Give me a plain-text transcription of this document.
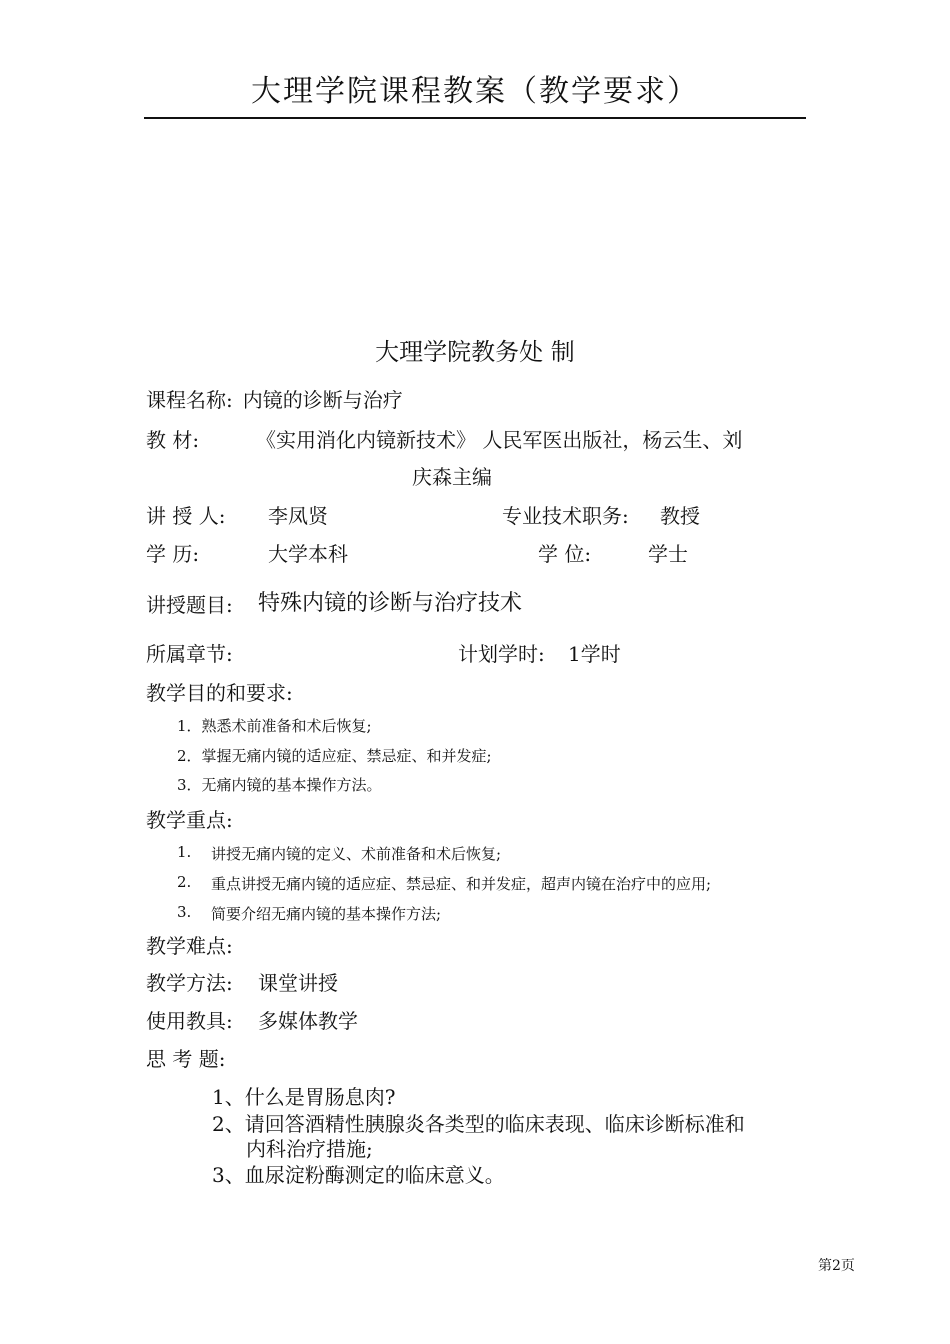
大理学院课程教案（教学要求）
大理学院教务处 制
课程名称: 内镜的诊断与治疗
教 材:	《实用消化内镜新技术》 人民军医出版社，杨云生、刘
庆森主编
讲 授 人: 李凤贤	专业技术职务: 教授
学 历:	大学本科	学 位:	学士
讲授题目: 特殊内镜的诊断与治疗技术
所属章节:	计划学时: 1学时
教学目的和要求:
1．熟悉术前准备和术后恢复;
2．掌握无痛内镜的适应症、禁忌症、和并发症;
3．无痛内镜的基本操作方法。
教学重点:
1. 讲授无痛内镜的定义、术前准备和术后恢复;
2. 重点讲授无痛内镜的适应症、禁忌症、和并发症，超声内镜在治疗中的应用;
3. 简要介绍无痛内镜的基本操作方法;
教学难点:
教学方法: 课堂讲授
使用教具: 多媒体教学
思 考 题:
1、什么是胃肠息肉?
2、请回答酒精性胰腺炎各类型的临床表现、临床诊断标准和
内科治疗措施;
3、血尿淀粉酶测定的临床意义。
第2页
